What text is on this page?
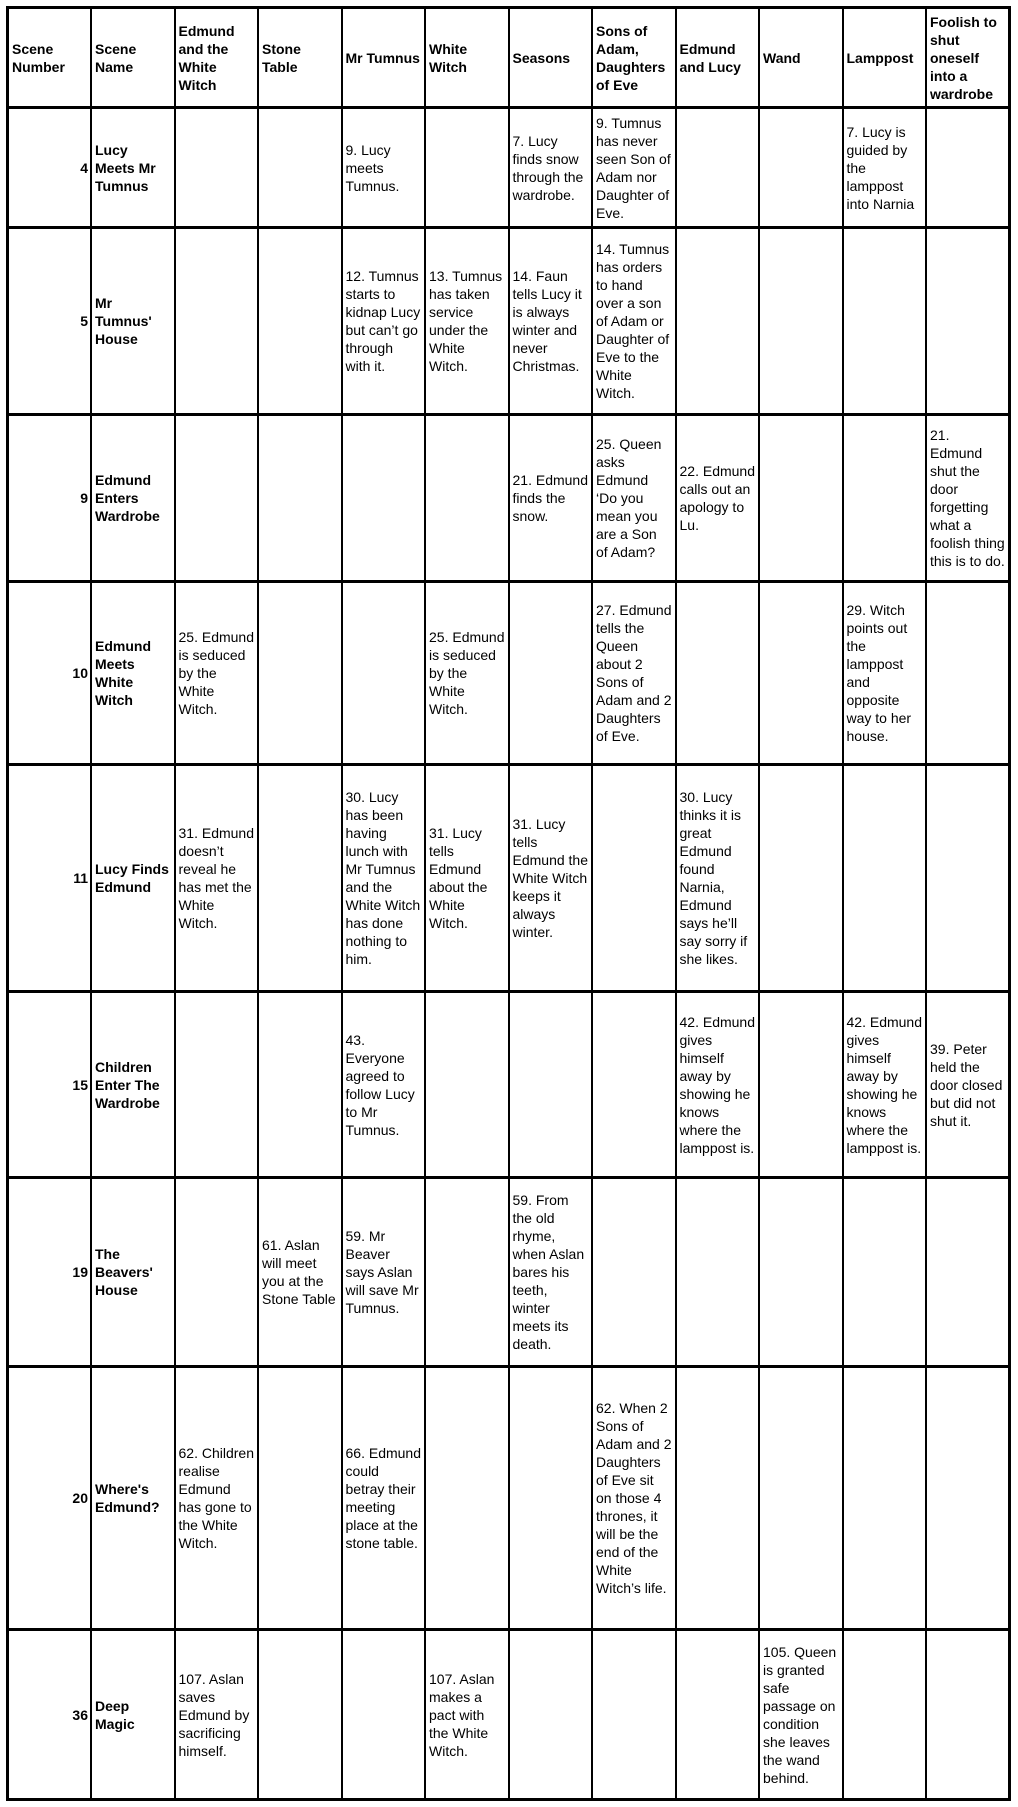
Scene Number	Scene Name	Edmund and the White Witch	Stone Table	Mr Tumnus	White Witch	Seasons	Sons of Adam, Daughters of Eve	Edmund and Lucy	Wand	Lamppost	Foolish to shut oneself into a wardrobe
4	Lucy Meets Mr Tumnus			9. Lucy meets Tumnus.		7. Lucy finds snow through the wardrobe.	9. Tumnus has never seen Son of Adam nor Daughter of Eve.			7. Lucy is guided by the lamppost into Narnia	
5	Mr Tumnus' House			12. Tumnus starts to kidnap Lucy but can’t go through with it.	13. Tumnus has taken service under the White Witch.	14. Faun tells Lucy it is always winter and never Christmas.	14. Tumnus has orders to hand over a son of Adam or Daughter of Eve to the White Witch.				
9	Edmund Enters Wardrobe					21. Edmund finds the snow.	25. Queen asks Edmund ‘Do you mean you are a Son of Adam?	22. Edmund calls out an apology to Lu.			21. Edmund shut the door forgetting what a foolish thing this is to do.
10	Edmund Meets White Witch	25. Edmund is seduced by the White Witch.			25. Edmund is seduced by the White Witch.		27. Edmund tells the Queen about 2 Sons of Adam and 2 Daughters of Eve.			29. Witch points out the lamppost and opposite way to her house.	
11	Lucy Finds Edmund	31. Edmund doesn’t reveal he has met the White Witch.		30. Lucy has been having lunch with Mr Tumnus and the White Witch has done nothing to him.	31. Lucy tells Edmund about the White Witch.	31. Lucy tells Edmund the White Witch keeps it always winter.		30. Lucy thinks it is great Edmund found Narnia, Edmund says he’ll say sorry if she likes.			
15	Children Enter The Wardrobe			43. Everyone agreed to follow Lucy to Mr Tumnus.				42. Edmund gives himself away by showing he knows where the lamppost is.		42. Edmund gives himself away by showing he knows where the lamppost is.	39. Peter held the door closed but did not shut it.
19	The Beavers' House		61. Aslan will meet you at the Stone Table	59. Mr Beaver says Aslan will save Mr Tumnus.		59. From the old rhyme, when Aslan bares his teeth, winter meets its death.					
20	Where's Edmund?	62. Children realise Edmund has gone to the White Witch.		66. Edmund could betray their meeting place at the stone table.			62. When 2 Sons of Adam and 2 Daughters of Eve sit on those 4 thrones, it will be the end of the White Witch’s life.				
36	Deep Magic	107. Aslan saves Edmund by sacrificing himself.			107. Aslan makes a pact with the White Witch.				105. Queen is granted safe passage on condition she leaves the wand behind.		
